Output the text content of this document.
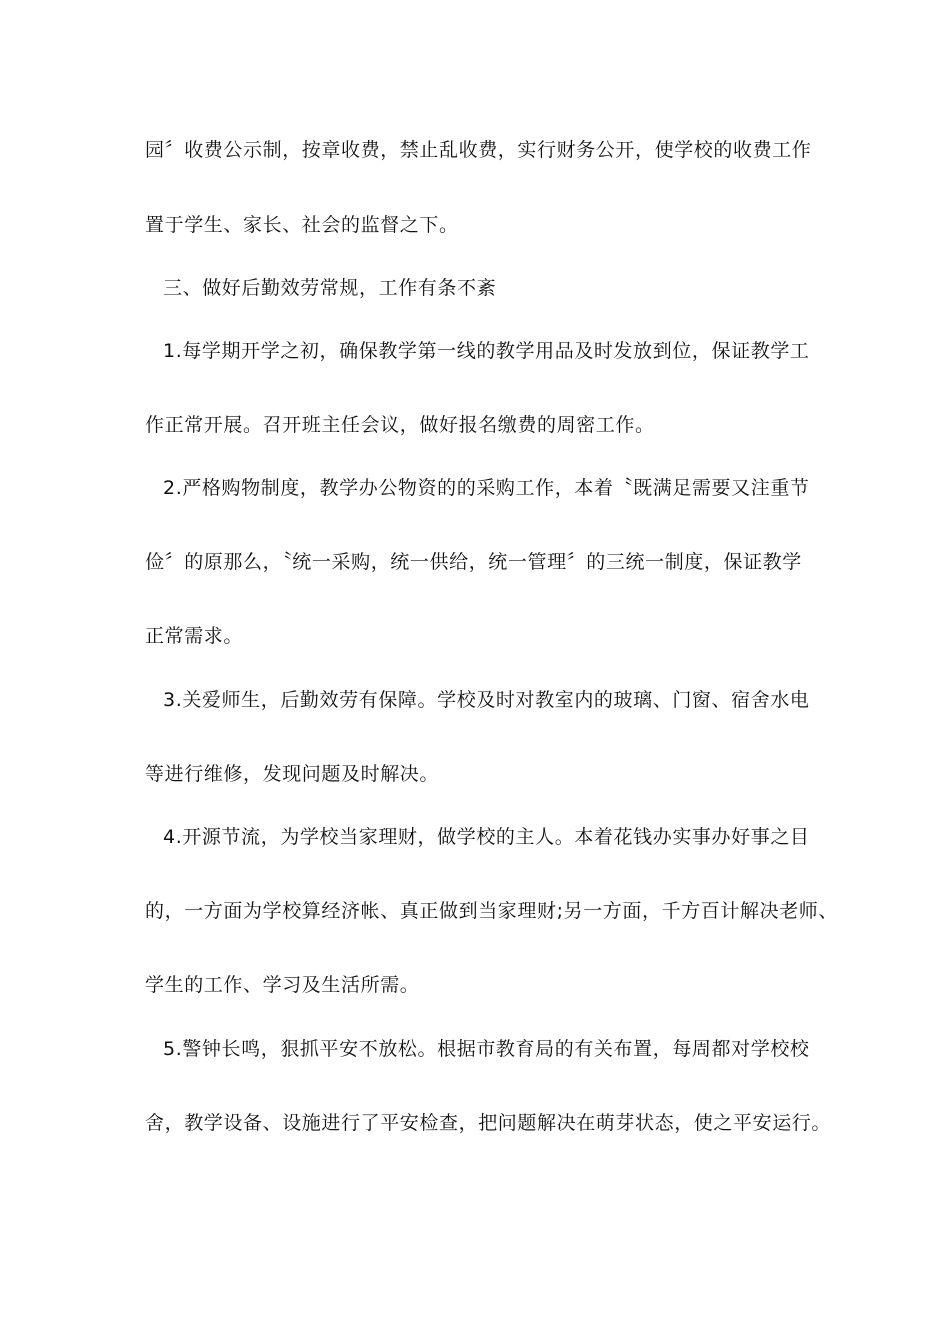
园〞收费公示制，按章收费，禁止乱收费，实行财务公开，使学校的收费工作

置于学生、家长、社会的监督之下。

三、做好后勤效劳常规，工作有条不紊

1.每学期开学之初，确保教学第一线的教学用品及时发放到位，保证教学工

作正常开展。召开班主任会议，做好报名缴费的周密工作。

2.严格购物制度，教学办公物资的的采购工作，本着〝既满足需要又注重节

俭〞的原那么，〝统一采购，统一供给，统一管理〞的三统一制度，保证教学

正常需求。

3.关爱师生，后勤效劳有保障。学校及时对教室内的玻璃、门窗、宿舍水电

等进行维修，发现问题及时解决。

4.开源节流，为学校当家理财，做学校的主人。本着花钱办实事办好事之目

的，一方面为学校算经济帐、真正做到当家理财;另一方面，千方百计解决老师、

学生的工作、学习及生活所需。

5.警钟长鸣，狠抓平安不放松。根据市教育局的有关布置，每周都对学校校

舍，教学设备、设施进行了平安检查，把问题解决在萌芽状态，使之平安运行。
